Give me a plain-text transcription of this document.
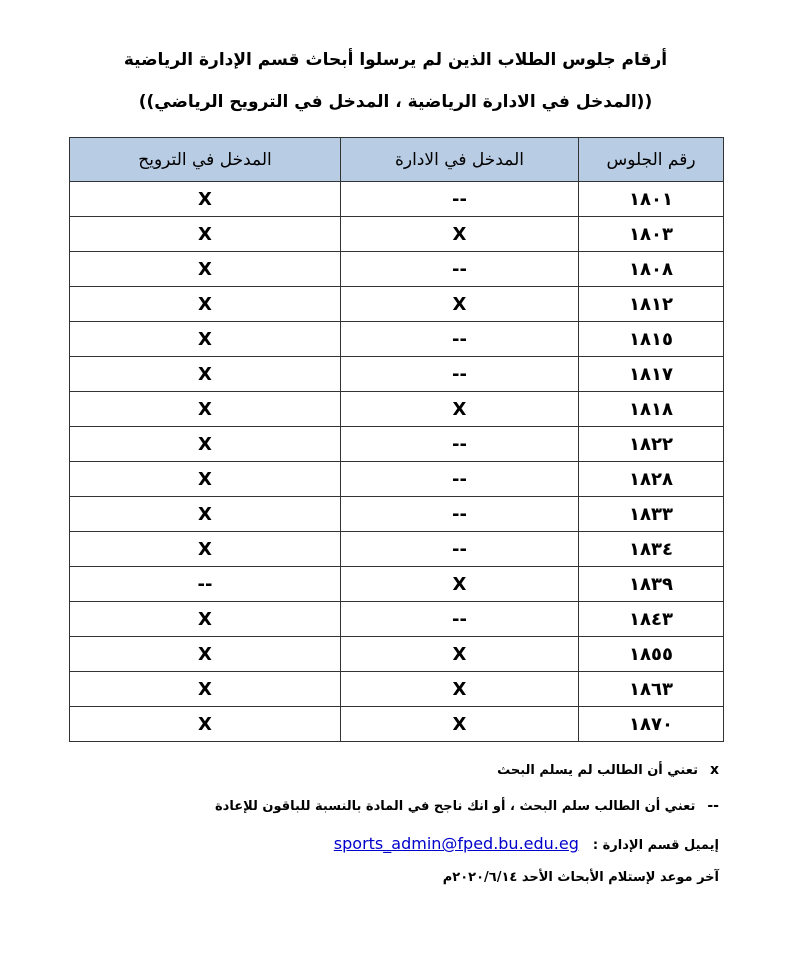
أرقام جلوس الطلاب الذين لم يرسلوا أبحاث قسم الإدارة الرياضية
((المدخل في الادارة الرياضية ، المدخل في الترويح الرياضي))
رقم الجلوس	المدخل في الادارة	المدخل في الترويح
١٨٠١	--	X
١٨٠٣	X	X
١٨٠٨	--	X
١٨١٢	X	X
١٨١٥	--	X
١٨١٧	--	X
١٨١٨	X	X
١٨٢٢	--	X
١٨٢٨	--	X
١٨٣٣	--	X
١٨٣٤	--	X
١٨٣٩	X	--
١٨٤٣	--	X
١٨٥٥	X	X
١٨٦٣	X	X
١٨٧٠	X	X
xتعني أن الطالب لم يسلم البحث
--تعني أن الطالب سلم البحث ، أو انك ناجح في المادة بالنسبة للباقون للإعادة
إيميل قسم الإدارة :sports_admin@fped.bu.edu.eg
آخر موعد لإستلام الأبحاث الأحد ٢٠٢٠/٦/١٤م
